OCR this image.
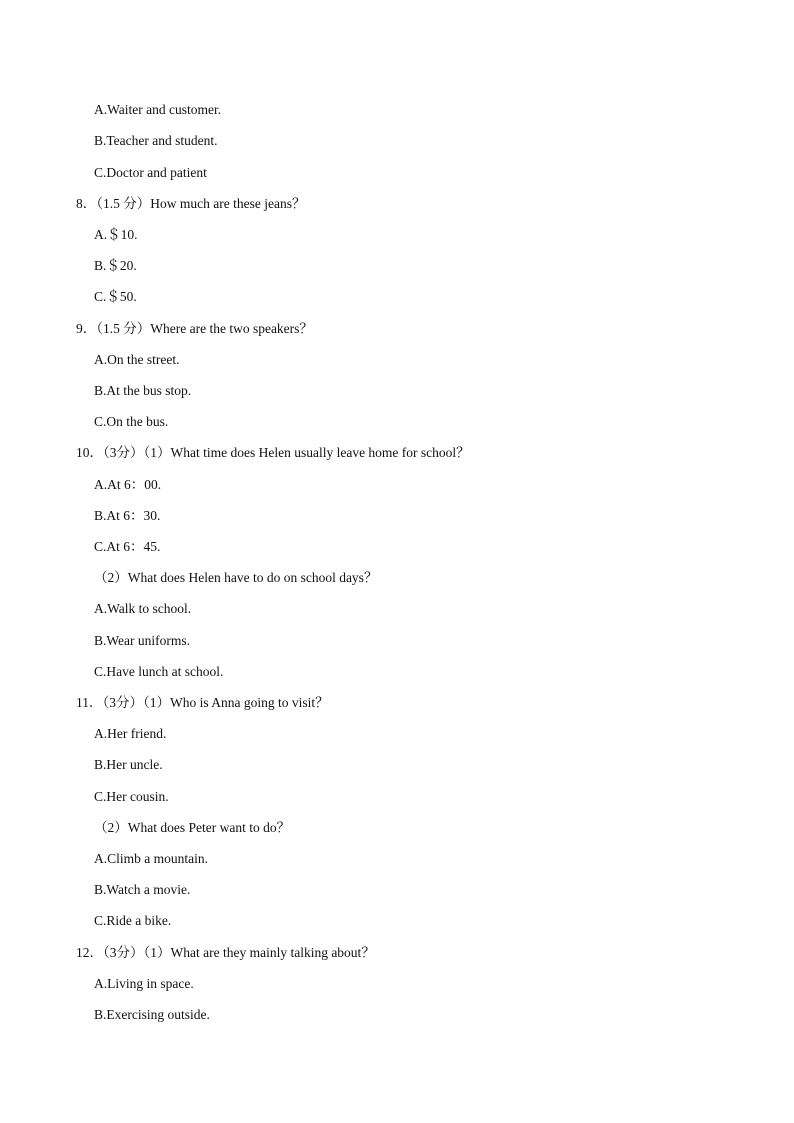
A.Waiter and customer.
B.Teacher and student.
C.Doctor and patient
8．（1.5 分）How much are these jeans？
A.＄10.
B.＄20.
C.＄50.
9．（1.5 分）Where are the two speakers？
A.On the street.
B.At the bus stop.
C.On the bus.
10．（3分）（1）What time does Helen usually leave home for school？
A.At 6：00.
B.At 6：30.
C.At 6：45.
（2）What does Helen have to do on school days？
A.Walk to school.
B.Wear uniforms.
C.Have lunch at school.
11．（3分）（1）Who is Anna going to visit？
A.Her friend.
B.Her uncle.
C.Her cousin.
（2）What does Peter want to do？
A.Climb a mountain.
B.Watch a movie.
C.Ride a bike.
12．（3分）（1）What are they mainly talking about？
A.Living in space.
B.Exercising outside.
